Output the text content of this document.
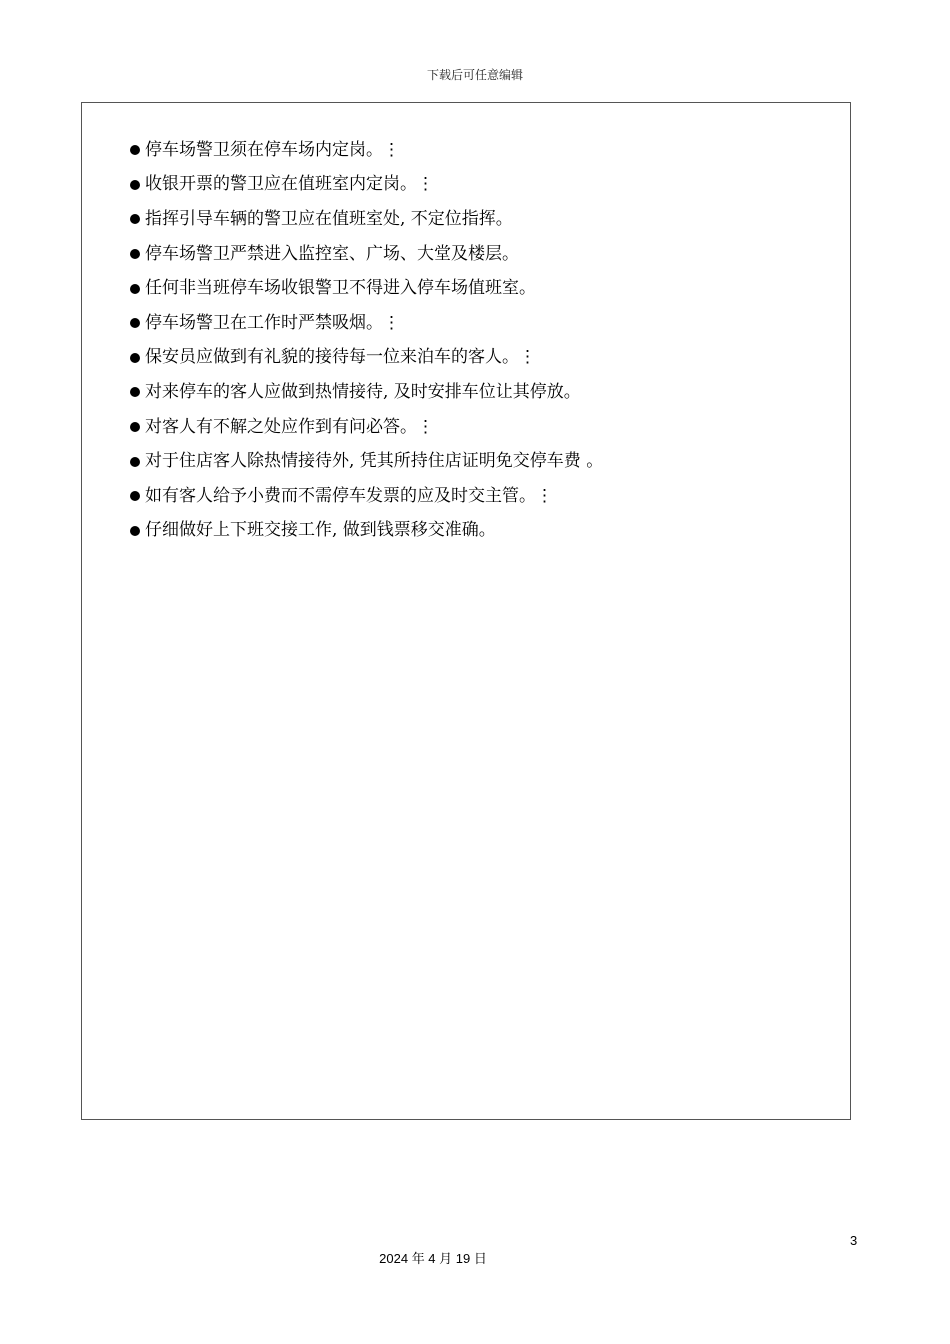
下载后可任意编辑
停车场警卫须在停车场内定岗。⋮
收银开票的警卫应在值班室内定岗。⋮
指挥引导车辆的警卫应在值班室处, 不定位指挥。
停车场警卫严禁进入监控室、广场、大堂及楼层。
任何非当班停车场收银警卫不得进入停车场值班室。
停车场警卫在工作时严禁吸烟。⋮
保安员应做到有礼貌的接待每一位来泊车的客人。⋮
对来停车的客人应做到热情接待, 及时安排车位让其停放。
对客人有不解之处应作到有问必答。⋮
对于住店客人除热情接待外, 凭其所持住店证明免交停车费 。
如有客人给予小费而不需停车发票的应及时交主管。⋮
仔细做好上下班交接工作, 做到钱票移交准确。
3
2024 年 4 月 19 日
